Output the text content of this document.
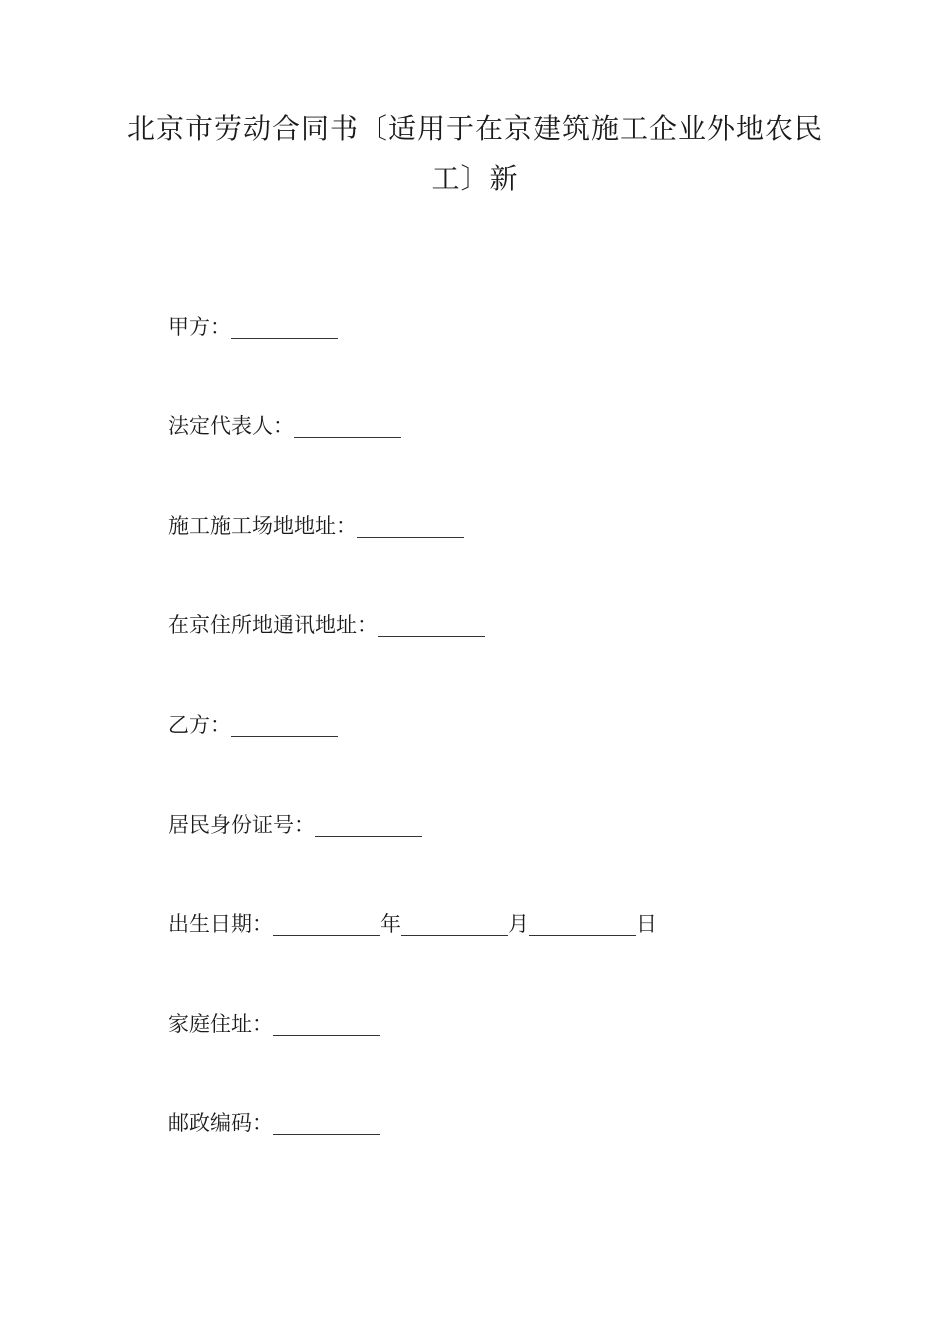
北京市劳动合同书〔适用于在京建筑施工企业外地农民工〕新
甲方：
法定代表人：
施工施工场地地址：
在京住所地通讯地址：
乙方：
居民身份证号：
出生日期：	年	月	日
家庭住址：
邮政编码：
